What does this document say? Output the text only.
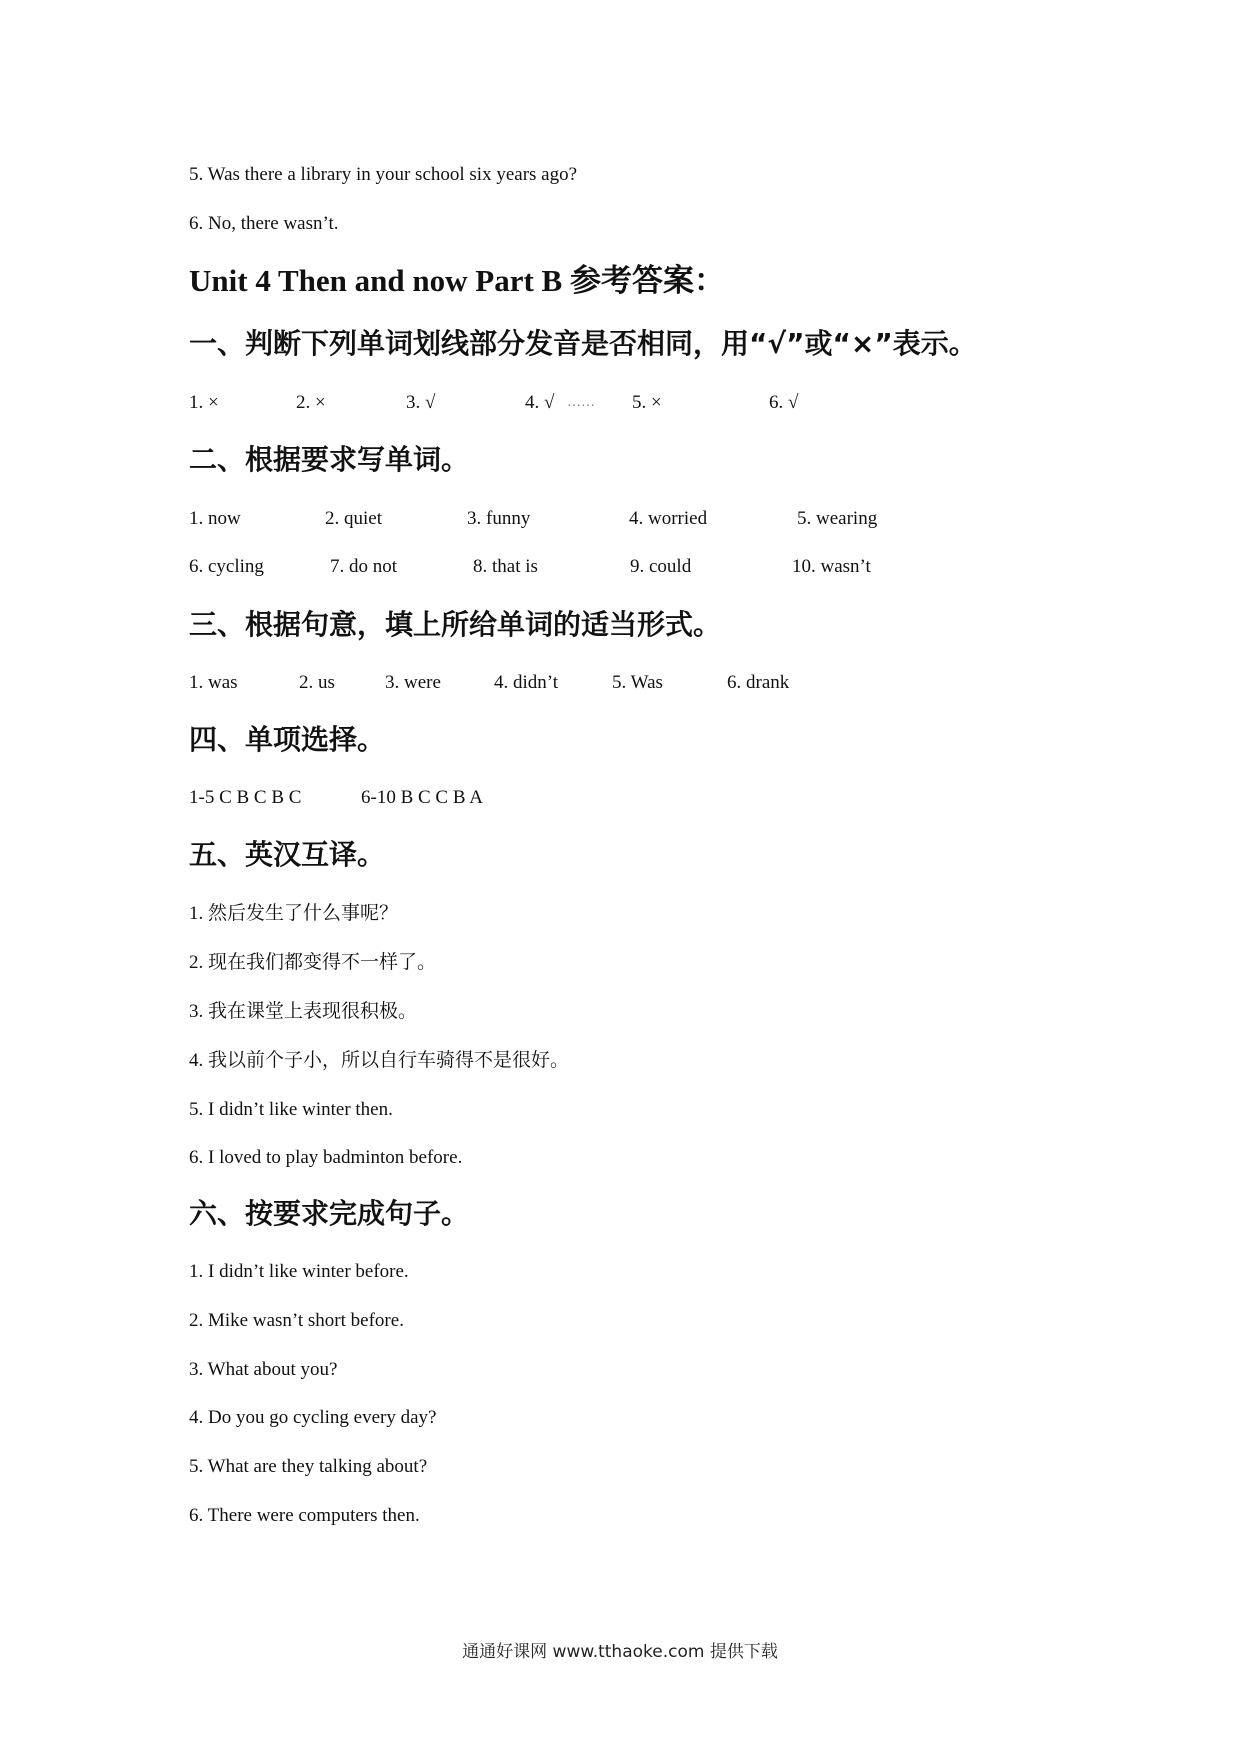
5. Was there a library in your school six years ago?
6. No, there wasn’t.
Unit 4 Then and now Part B 参考答案：
一、判断下列单词划线部分发音是否相同，用“√”或“×”表示。
1. ×	2. ×	3. √	4. √ …… 5. ×	6. √
二、根据要求写单词。
1. now	2. quiet	3. funny	4. worried	5. wearing
6. cycling	7. do not	8. that is	9. could	10. wasn’t
三、根据句意，填上所给单词的适当形式。
1. was	2. us	3. were	4. didn’t	5. Was	6. drank
四、单项选择。
1-5 C B C B C	6-10 B C C B A
五、英汉互译。
1. 然后发生了什么事呢？
2. 现在我们都变得不一样了。
3. 我在课堂上表现很积极。
4. 我以前个子小，所以自行车骑得不是很好。
5. I didn’t like winter then.
6. I loved to play badminton before.
六、按要求完成句子。
1. I didn’t like winter before.
2. Mike wasn’t short before.
3. What about you?
4. Do you go cycling every day?
5. What are they talking about?
6. There were computers then.
通通好课网 www.tthaoke.com 提供下载
